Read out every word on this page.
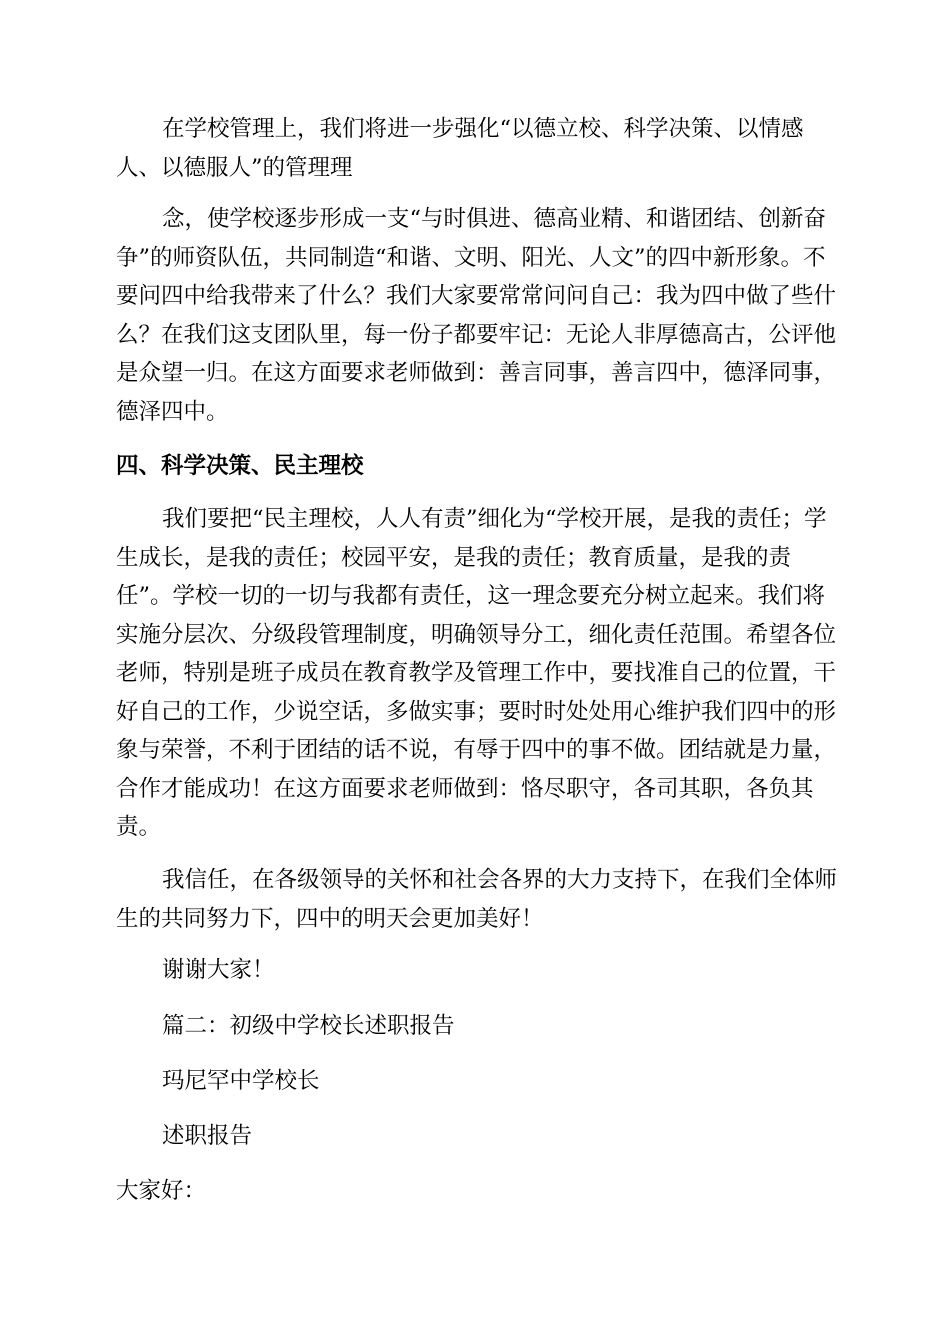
在学校管理上，我们将进一步强化“以德立校、科学决策、以情感人、以德服人”的管理理

念，使学校逐步形成一支“与时俱进、德高业精、和谐团结、创新奋争”的师资队伍，共同制造“和谐、文明、阳光、人文”的四中新形象。不要问四中给我带来了什么？我们大家要常常问问自己：我为四中做了些什么？在我们这支团队里，每一份子都要牢记：无论人非厚德高古，公评他是众望一归。在这方面要求老师做到：善言同事，善言四中，德泽同事，德泽四中。

四、科学决策、民主理校

我们要把“民主理校，人人有责”细化为“学校开展，是我的责任；学生成长，是我的责任；校园平安，是我的责任；教育质量，是我的责任”。学校一切的一切与我都有责任，这一理念要充分树立起来。我们将实施分层次、分级段管理制度，明确领导分工，细化责任范围。希望各位老师，特别是班子成员在教育教学及管理工作中，要找准自己的位置，干好自己的工作，少说空话，多做实事；要时时处处用心维护我们四中的形象与荣誉，不利于团结的话不说，有辱于四中的事不做。团结就是力量，合作才能成功！在这方面要求老师做到：恪尽职守，各司其职，各负其责。

我信任，在各级领导的关怀和社会各界的大力支持下，在我们全体师生的共同努力下，四中的明天会更加美好！

谢谢大家！

篇二：初级中学校长述职报告

玛尼罕中学校长

述职报告

大家好：
